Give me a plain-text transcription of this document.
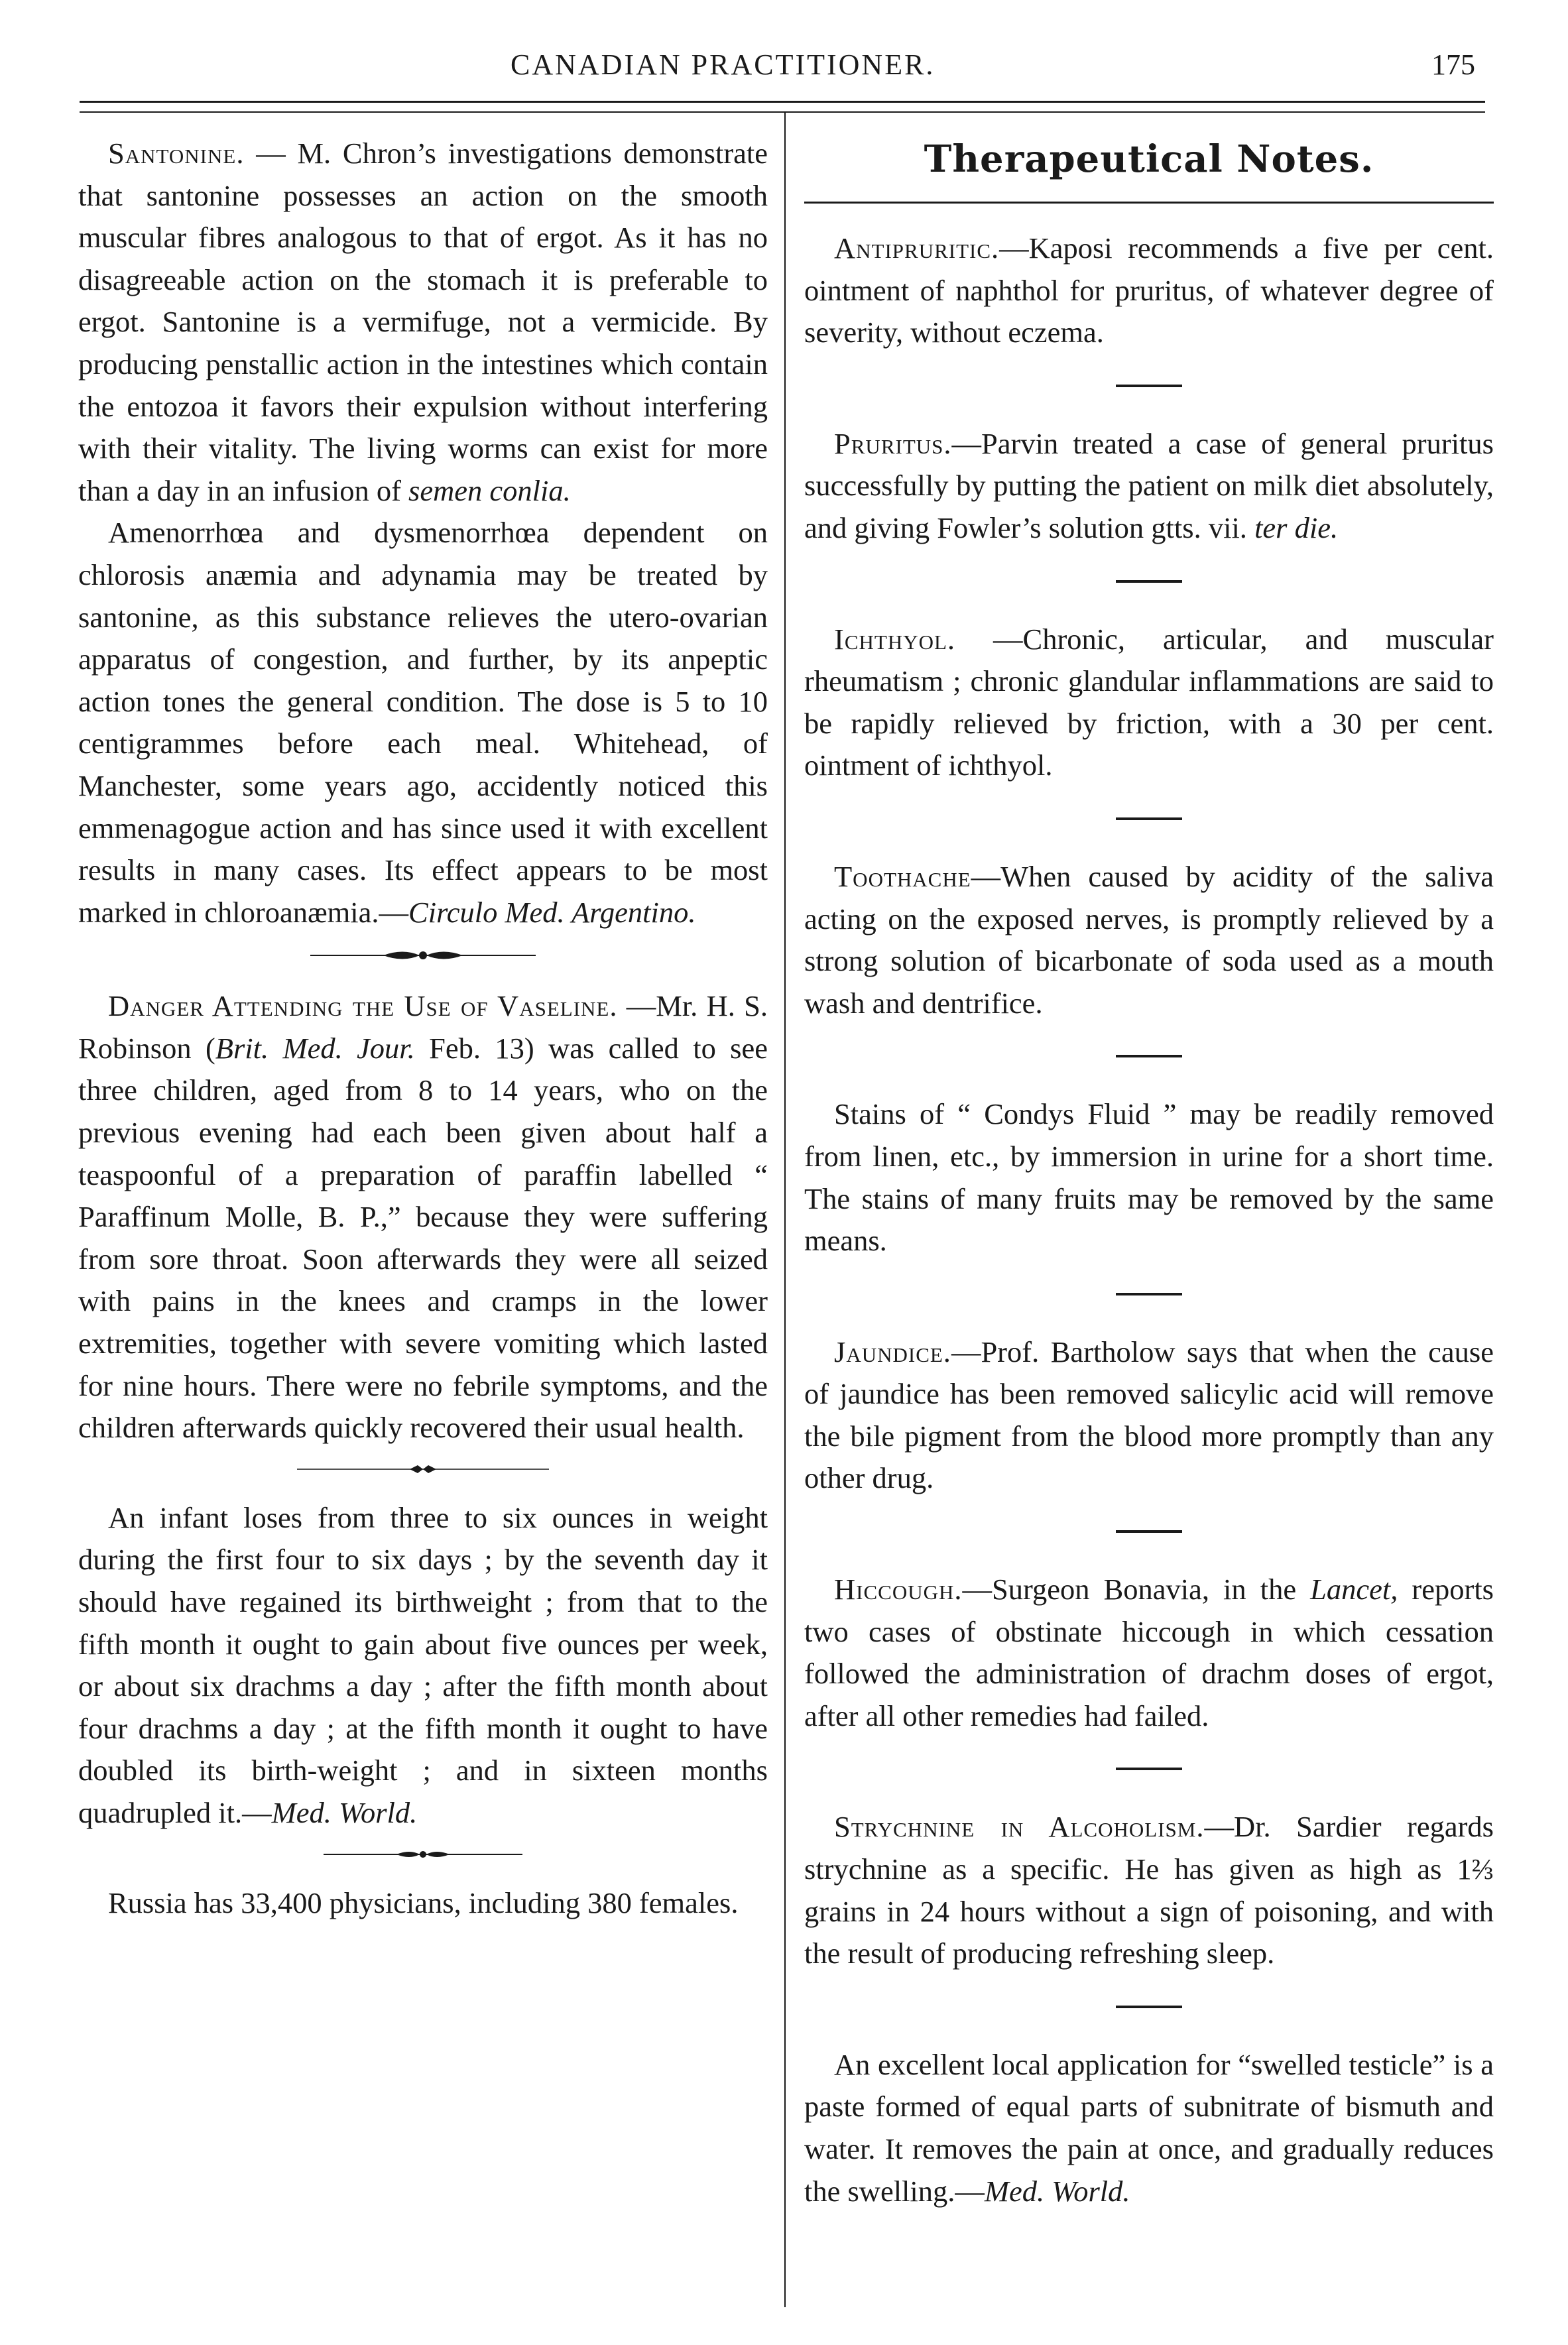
CANADIAN PRACTITIONER.	175

Santonine. — M. Chron’s investigations demonstrate that santonine possesses an action on the smooth muscular fibres analogous to that of ergot. As it has no disagreeable action on the stomach it is preferable to ergot. Santonine is a vermifuge, not a vermicide. By producing penstallic action in the intestines which contain the entozoa it favors their expulsion without interfering with their vitality. The living worms can exist for more than a day in an infusion of semen conlia.

Amenorrhœa and dysmenorrhœa dependent on chlorosis anæmia and adynamia may be treated by santonine, as this substance relieves the utero-ovarian apparatus of congestion, and further, by its anpeptic action tones the general condition. The dose is 5 to 10 centigrammes before each meal. Whitehead, of Manchester, some years ago, accidently noticed this emmenagogue action and has since used it with excellent results in many cases. Its effect appears to be most marked in chloroanæmia.—Circulo Med. Argentino.

Danger Attending the Use of Vaseline. —Mr. H. S. Robinson (Brit. Med. Jour. Feb. 13) was called to see three children, aged from 8 to 14 years, who on the previous evening had each been given about half a teaspoonful of a preparation of paraffin labelled “ Paraffinum Molle, B. P.,” because they were suffering from sore throat. Soon afterwards they were all seized with pains in the knees and cramps in the lower extremities, together with severe vomiting which lasted for nine hours. There were no febrile symptoms, and the children afterwards quickly recovered their usual health.

An infant loses from three to six ounces in weight during the first four to six days ; by the seventh day it should have regained its birthweight ; from that to the fifth month it ought to gain about five ounces per week, or about six drachms a day ; after the fifth month about four drachms a day ; at the fifth month it ought to have doubled its birth-weight ; and in sixteen months quadrupled it.—Med. World.

Russia has 33,400 physicians, including 380 females.

Therapeutical Notes.

Antipruritic.—Kaposi recommends a five per cent. ointment of naphthol for pruritus, of whatever degree of severity, without eczema.

Pruritus.—Parvin treated a case of general pruritus successfully by putting the patient on milk diet absolutely, and giving Fowler’s solution gtts. vii. ter die.

Ichthyol. —Chronic, articular, and muscular rheumatism ; chronic glandular inflammations are said to be rapidly relieved by friction, with a 30 per cent. ointment of ichthyol.

Toothache—When caused by acidity of the saliva acting on the exposed nerves, is promptly relieved by a strong solution of bicarbonate of soda used as a mouth wash and dentrifice.

Stains of “ Condys Fluid ” may be readily removed from linen, etc., by immersion in urine for a short time. The stains of many fruits may be removed by the same means.

Jaundice.—Prof. Bartholow says that when the cause of jaundice has been removed salicylic acid will remove the bile pigment from the blood more promptly than any other drug.

Hiccough.—Surgeon Bonavia, in the Lancet, reports two cases of obstinate hiccough in which cessation followed the administration of drachm doses of ergot, after all other remedies had failed.

Strychnine in Alcoholism.—Dr. Sardier regards strychnine as a specific. He has given as high as 1⅔ grains in 24 hours without a sign of poisoning, and with the result of producing refreshing sleep.

An excellent local application for “swelled testicle” is a paste formed of equal parts of subnitrate of bismuth and water. It removes the pain at once, and gradually reduces the swelling.—Med. World.
